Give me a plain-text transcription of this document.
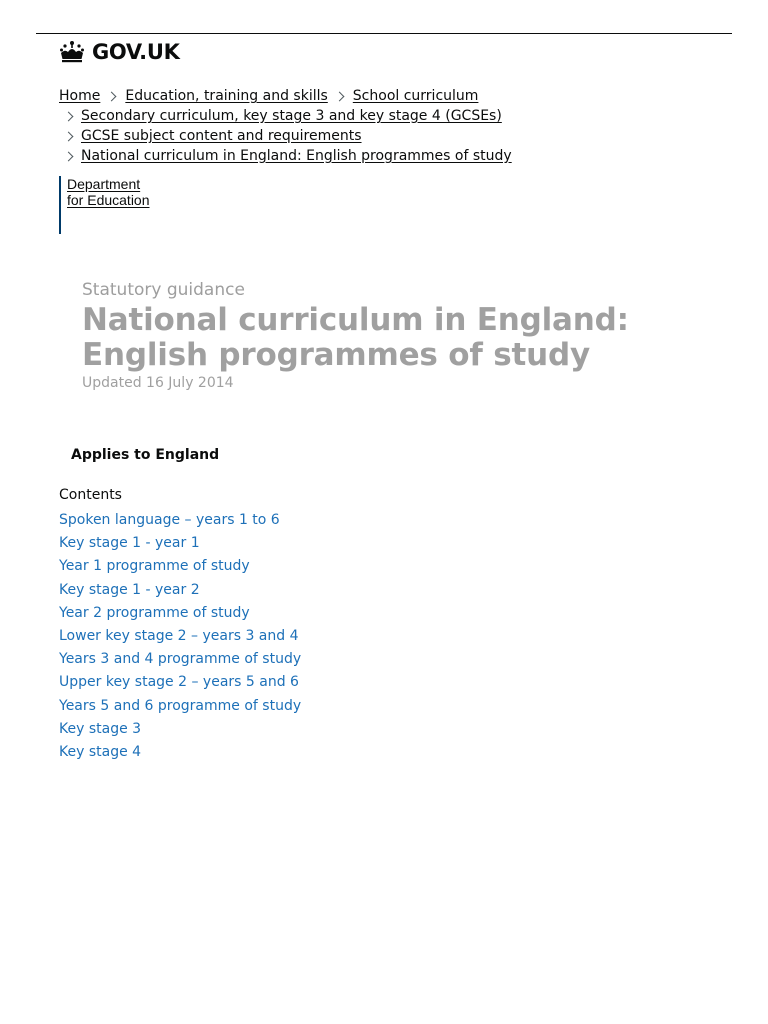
GOV.UK
Home Education, training and skills School curriculum
Secondary curriculum, key stage 3 and key stage 4 (GCSEs)
GCSE subject content and requirements
National curriculum in England: English programmes of study
Department
for Education
Statutory guidance
National curriculum in England:
English programmes of study
Updated 16 July 2014
Applies to England
Contents
Spoken language – years 1 to 6
Key stage 1 - year 1
Year 1 programme of study
Key stage 1 - year 2
Year 2 programme of study
Lower key stage 2 – years 3 and 4
Years 3 and 4 programme of study
Upper key stage 2 – years 5 and 6
Years 5 and 6 programme of study
Key stage 3
Key stage 4
